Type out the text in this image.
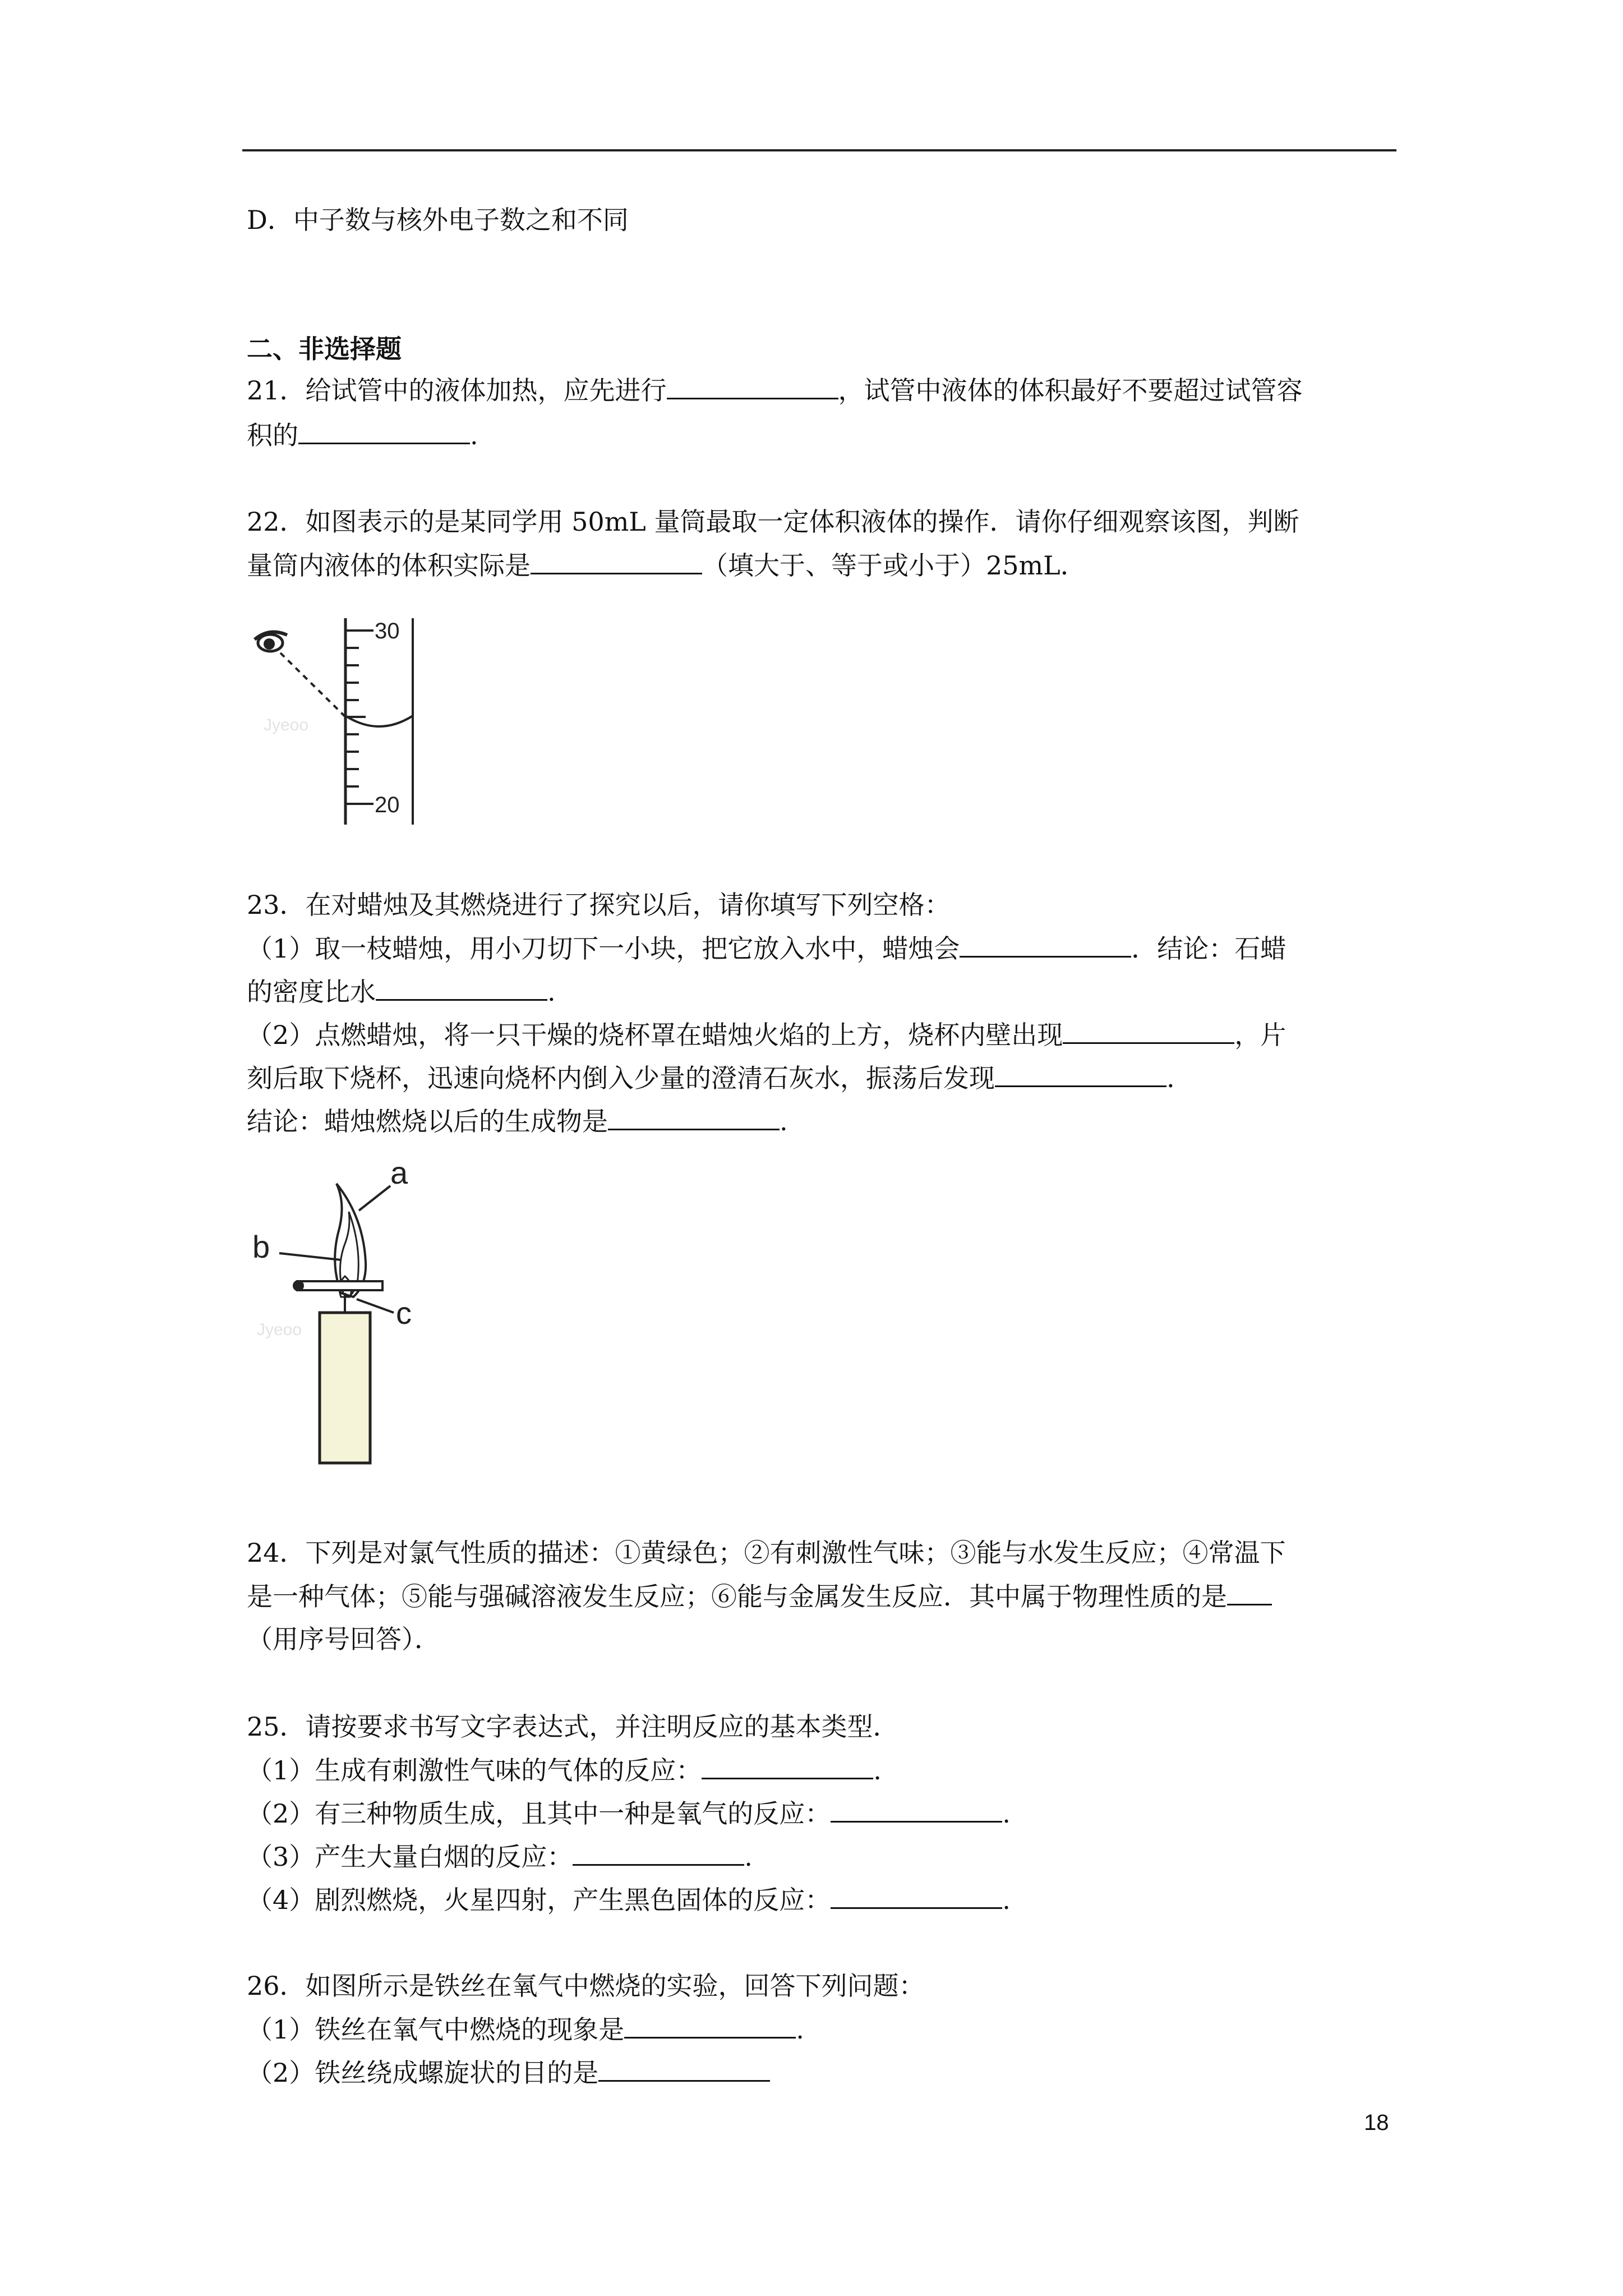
D．中子数与核外电子数之和不同
二、非选择题
21．给试管中的液体加热，应先进行	，试管中液体的体积最好不要超过试管容
积的	.
22．如图表示的是某同学用 50mL 量筒最取一定体积液体的操作．请你仔细观察该图，判断
量筒内液体的体积实际是	（填大于、等于或小于）25mL．
30
20
Jyeoo
23．在对蜡烛及其燃烧进行了探究以后，请你填写下列空格：
（1）取一枝蜡烛，用小刀切下一小块，把它放入水中，蜡烛会	．结论：石蜡
的密度比水	.
（2）点燃蜡烛，将一只干燥的烧杯罩在蜡烛火焰的上方，烧杯内壁出现	，片
刻后取下烧杯，迅速向烧杯内倒入少量的澄清石灰水，振荡后发现	.
结论：蜡烛燃烧以后的生成物是	.
a
b
c
Jyeoo
24．下列是对氯气性质的描述：①黄绿色；②有刺激性气味；③能与水发生反应；④常温下
是一种气体；⑤能与强碱溶液发生反应；⑥能与金属发生反应．其中属于物理性质的是
（用序号回答）．
25．请按要求书写文字表达式，并注明反应的基本类型．
（1）生成有刺激性气味的气体的反应：	.
（2）有三种物质生成，且其中一种是氧气的反应：	.
（3）产生大量白烟的反应：	.
（4）剧烈燃烧，火星四射，产生黑色固体的反应：	.
26．如图所示是铁丝在氧气中燃烧的实验，回答下列问题：
（1）铁丝在氧气中燃烧的现象是	.
（2）铁丝绕成螺旋状的目的是
18
